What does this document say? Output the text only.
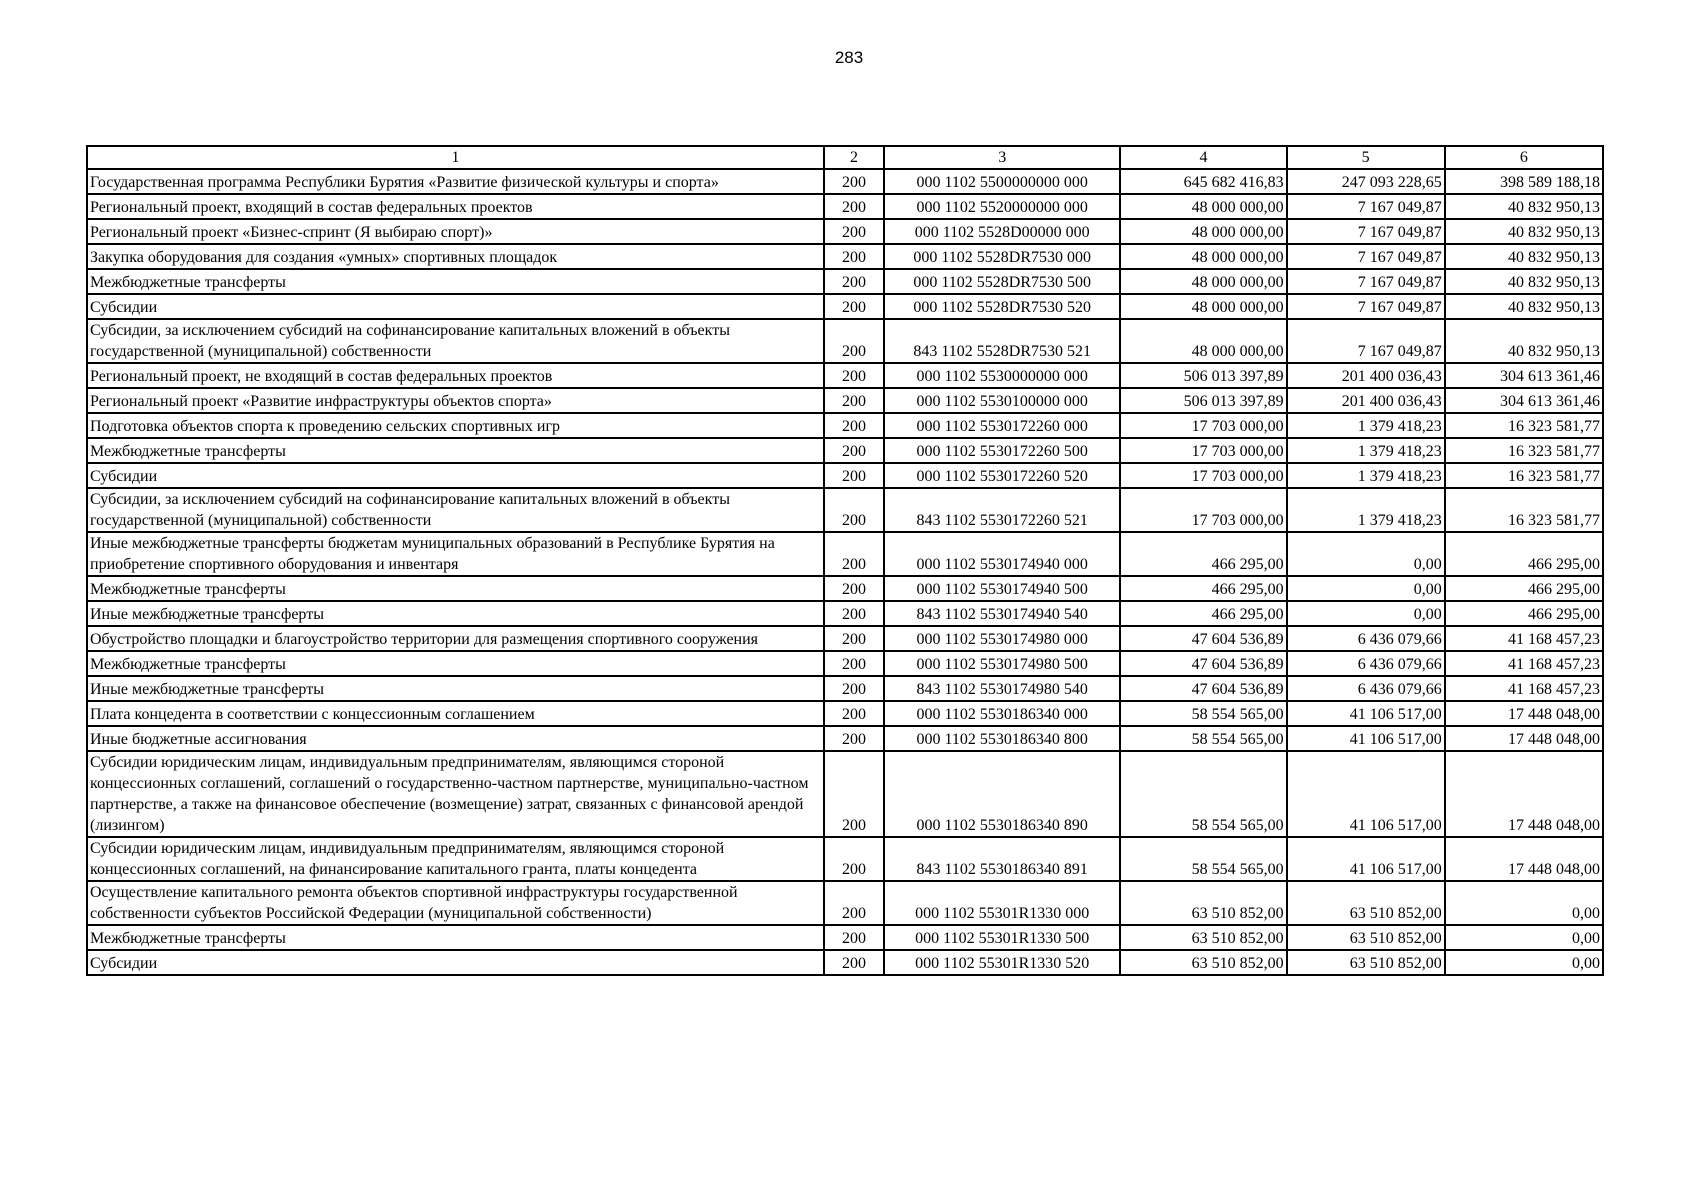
283
1	2	3	4	5	6
Государственная программа Республики Бурятия «Развитие физической культуры и спорта»	200	000 1102 5500000000 000	645 682 416,83	247 093 228,65	398 589 188,18
Региональный проект, входящий в состав федеральных проектов	200	000 1102 5520000000 000	48 000 000,00	7 167 049,87	40 832 950,13
Региональный проект «Бизнес-спринт (Я выбираю спорт)»	200	000 1102 5528D00000 000	48 000 000,00	7 167 049,87	40 832 950,13
Закупка оборудования для создания «умных» спортивных площадок	200	000 1102 5528DR7530 000	48 000 000,00	7 167 049,87	40 832 950,13
Межбюджетные трансферты	200	000 1102 5528DR7530 500	48 000 000,00	7 167 049,87	40 832 950,13
Субсидии	200	000 1102 5528DR7530 520	48 000 000,00	7 167 049,87	40 832 950,13
Субсидии, за исключением субсидий на софинансирование капитальных вложений в объекты государственной (муниципальной) собственности	200	843 1102 5528DR7530 521	48 000 000,00	7 167 049,87	40 832 950,13
Региональный проект, не входящий в состав федеральных проектов	200	000 1102 5530000000 000	506 013 397,89	201 400 036,43	304 613 361,46
Региональный проект «Развитие инфраструктуры объектов спорта»	200	000 1102 5530100000 000	506 013 397,89	201 400 036,43	304 613 361,46
Подготовка объектов спорта к проведению сельских спортивных игр	200	000 1102 5530172260 000	17 703 000,00	1 379 418,23	16 323 581,77
Межбюджетные трансферты	200	000 1102 5530172260 500	17 703 000,00	1 379 418,23	16 323 581,77
Субсидии	200	000 1102 5530172260 520	17 703 000,00	1 379 418,23	16 323 581,77
Субсидии, за исключением субсидий на софинансирование капитальных вложений в объекты государственной (муниципальной) собственности	200	843 1102 5530172260 521	17 703 000,00	1 379 418,23	16 323 581,77
Иные межбюджетные трансферты бюджетам муниципальных образований в Республике Бурятия на приобретение спортивного оборудования и инвентаря	200	000 1102 5530174940 000	466 295,00	0,00	466 295,00
Межбюджетные трансферты	200	000 1102 5530174940 500	466 295,00	0,00	466 295,00
Иные межбюджетные трансферты	200	843 1102 5530174940 540	466 295,00	0,00	466 295,00
Обустройство площадки и благоустройство территории для размещения спортивного сооружения	200	000 1102 5530174980 000	47 604 536,89	6 436 079,66	41 168 457,23
Межбюджетные трансферты	200	000 1102 5530174980 500	47 604 536,89	6 436 079,66	41 168 457,23
Иные межбюджетные трансферты	200	843 1102 5530174980 540	47 604 536,89	6 436 079,66	41 168 457,23
Плата концедента в соответствии с концессионным соглашением	200	000 1102 5530186340 000	58 554 565,00	41 106 517,00	17 448 048,00
Иные бюджетные ассигнования	200	000 1102 5530186340 800	58 554 565,00	41 106 517,00	17 448 048,00
Субсидии юридическим лицам, индивидуальным предпринимателям, являющимся стороной концессионных соглашений, соглашений о государственно-частном партнерстве, муниципально-частном партнерстве, а также на финансовое обеспечение (возмещение) затрат, связанных с финансовой арендой (лизингом)	200	000 1102 5530186340 890	58 554 565,00	41 106 517,00	17 448 048,00
Субсидии юридическим лицам, индивидуальным предпринимателям, являющимся стороной концессионных соглашений, на финансирование капитального гранта, платы концедента	200	843 1102 5530186340 891	58 554 565,00	41 106 517,00	17 448 048,00
Осуществление капитального ремонта объектов спортивной инфраструктуры государственной собственности субъектов Российской Федерации (муниципальной собственности)	200	000 1102 55301R1330 000	63 510 852,00	63 510 852,00	0,00
Межбюджетные трансферты	200	000 1102 55301R1330 500	63 510 852,00	63 510 852,00	0,00
Субсидии	200	000 1102 55301R1330 520	63 510 852,00	63 510 852,00	0,00
